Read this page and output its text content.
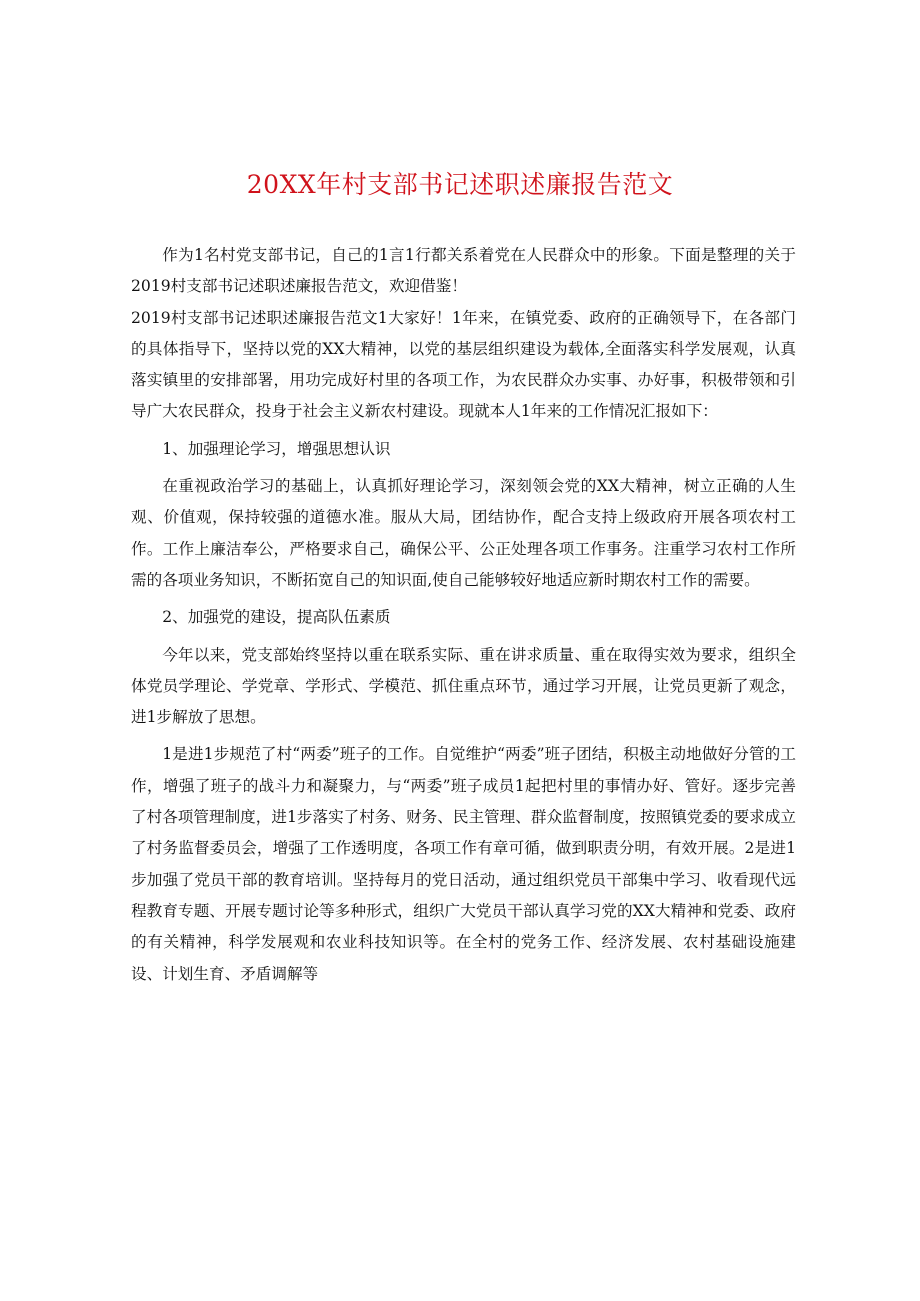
20XX年村支部书记述职述廉报告范文

作为1名村党支部书记，自己的1言1行都关系着党在人民群众中的形象。下面是整理的关于2019村支部书记述职述廉报告范文，欢迎借鉴！

2019村支部书记述职述廉报告范文1大家好！1年来，在镇党委、政府的正确领导下，在各部门的具体指导下，坚持以党的XX大精神，以党的基层组织建设为载体,全面落实科学发展观，认真落实镇里的安排部署，用功完成好村里的各项工作，为农民群众办实事、办好事，积极带领和引导广大农民群众，投身于社会主义新农村建设。现就本人1年来的工作情况汇报如下：

1、加强理论学习，增强思想认识

在重视政治学习的基础上，认真抓好理论学习，深刻领会党的XX大精神，树立正确的人生观、价值观，保持较强的道德水准。服从大局，团结协作，配合支持上级政府开展各项农村工作。工作上廉洁奉公，严格要求自己，确保公平、公正处理各项工作事务。注重学习农村工作所需的各项业务知识，不断拓宽自己的知识面,使自己能够较好地适应新时期农村工作的需要。

2、加强党的建设，提高队伍素质

今年以来，党支部始终坚持以重在联系实际、重在讲求质量、重在取得实效为要求，组织全体党员学理论、学党章、学形式、学模范、抓住重点环节，通过学习开展，让党员更新了观念，进1步解放了思想。

1是进1步规范了村“两委”班子的工作。自觉维护“两委”班子团结，积极主动地做好分管的工作，增强了班子的战斗力和凝聚力，与“两委”班子成员1起把村里的事情办好、管好。逐步完善了村各项管理制度，进1步落实了村务、财务、民主管理、群众监督制度，按照镇党委的要求成立了村务监督委员会，增强了工作透明度，各项工作有章可循，做到职责分明，有效开展。2是进1步加强了党员干部的教育培训。坚持每月的党日活动，通过组织党员干部集中学习、收看现代远程教育专题、开展专题讨论等多种形式，组织广大党员干部认真学习党的XX大精神和党委、政府的有关精神，科学发展观和农业科技知识等。在全村的党务工作、经济发展、农村基础设施建设、计划生育、矛盾调解等
